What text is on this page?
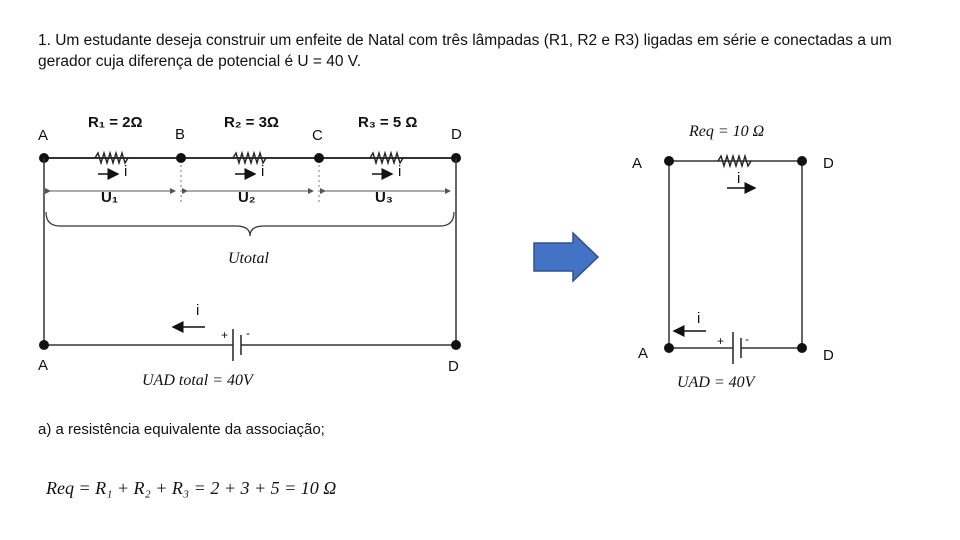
1. Um estudante deseja construir um enfeite de Natal com três lâmpadas (R1, R2 e R3) ligadas em série e conectadas a um gerador cuja diferença de potencial é U = 40 V.
A	B	C	D
R₁ = 2Ω	R₂ = 3Ω	R₃ = 5 Ω
i	i	i
U₁	U₂	U₃
Utotal
i
+ -
A	D
UAD total = 40V
Req = 10 Ω
A	D
i
i
+ -
A	D
UAD = 40V
a) a resistência equivalente da associação;
Req = R₁ + R₂ + R₃ = 2 + 3 + 5 = 10 Ω
